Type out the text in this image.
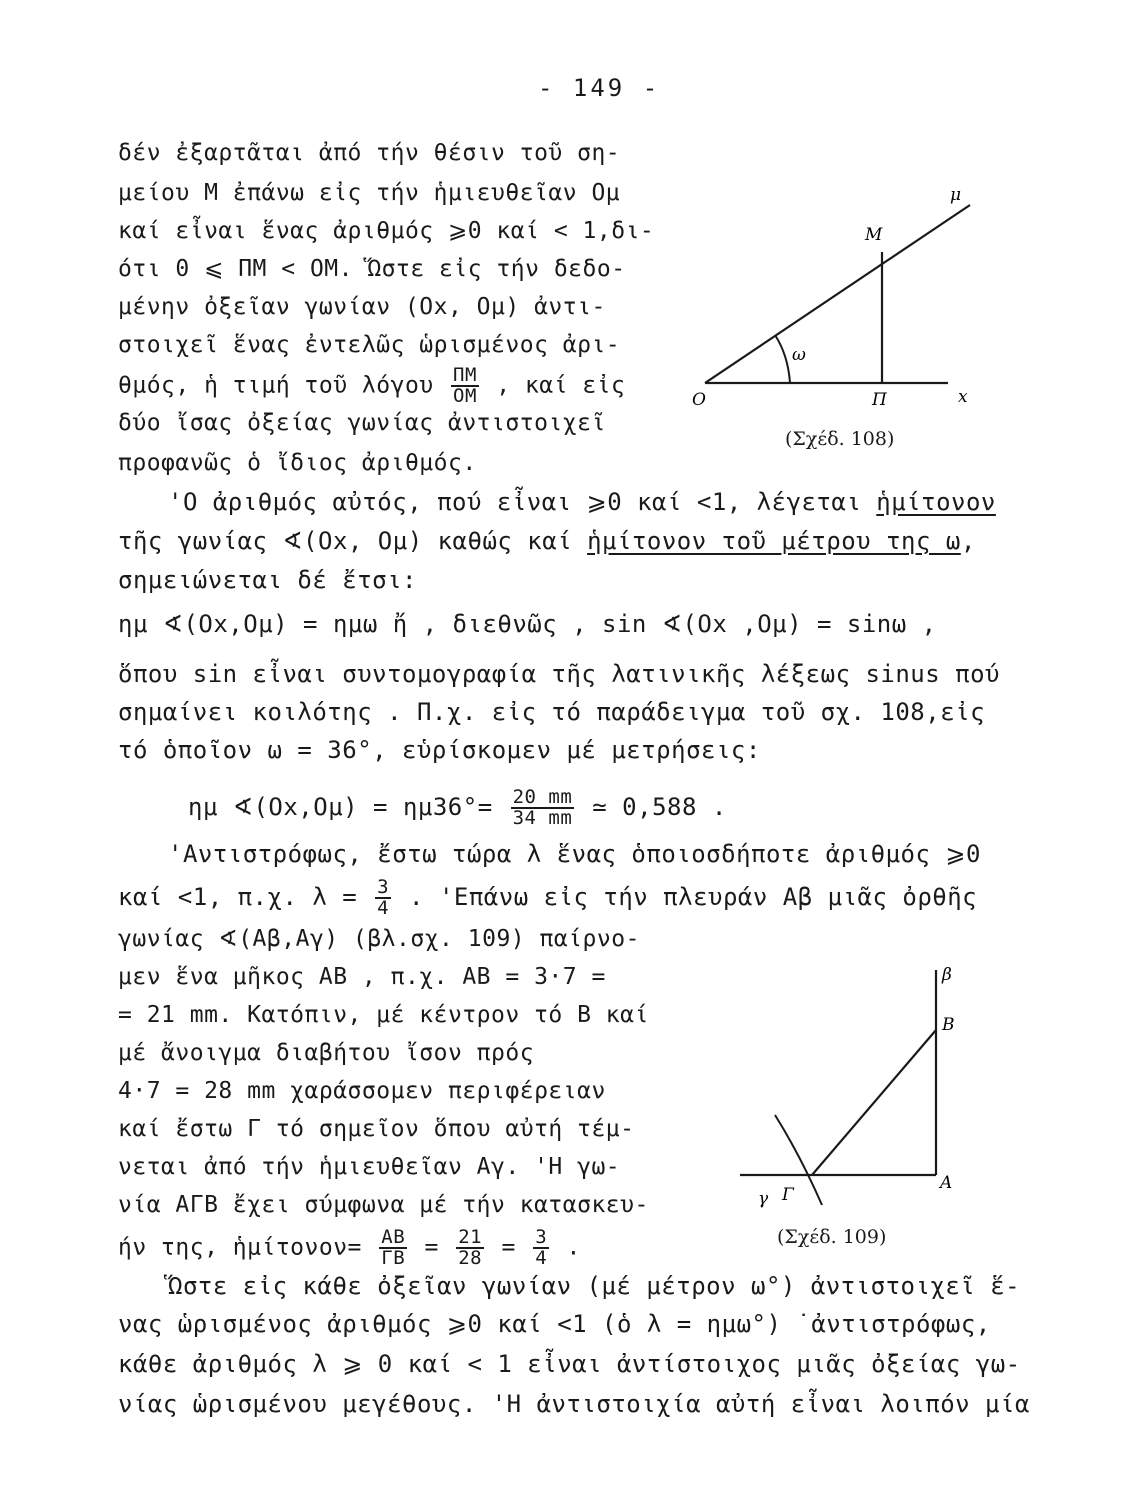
- 149 -
δέν ἐξαρτᾶται ἀπό τήν θέσιν τοῦ ση-
μείου Μ ἐπάνω εἰς τήν ἡμιευθεῖαν Ομ
καί εἶναι ἕνας ἀριθμός ⩾0 καί < 1,δι-
ότι 0 ⩽ ΠΜ < ΟΜ. Ὥστε εἰς τήν δεδο-
μένην ὀξεῖαν γωνίαν (Οx, Ομ) ἀντι-
στοιχεῖ ἕνας ἐντελῶς ὡρισμένος ἀρι-
θμός, ἡ τιμή τοῦ λόγου $\frac{\Pi M}{OM}$ , καί εἰς
δύο ἴσας ὀξείας γωνίας ἀντιστοιχεῖ
προφανῶς ὁ ἴδιος ἀριθμός.
O	Π	x
Μ
μ
ω
(Σχέδ. 108)
'Ο ἀριθμός αὐτός, πού εἶναι ⩾0 καί <1, λέγεται ἡμίτονον
τῆς γωνίας ∢(Οx, Ομ) καθώς καί ἡμίτονον τοῦ μέτρου της ω,
σημειώνεται δέ ἔτσι:
ημ ∢(Οx,Ομ) = ημω ἤ , διεθνῶς , sin ∢(Οx ,Ομ) = sinω ,
ὅπου sin εἶναι συντομογραφία τῆς λατινικῆς λέξεως sinus πού
σημαίνει κοιλότης . Π.χ. εἰς τό παράδειγμα τοῦ σχ. 108,εἰς
τό ὁποῖον ω = 36°, εὑρίσκομεν μέ μετρήσεις:
ημ ∢(Οx,Ομ) = $\eta\mu 36^\circ= \frac{20 mm}{34 mm}$ ≃ 0,588 .
'Αντιστρόφως, ἔστω τώρα λ ἕνας ὁποιοσδήποτε ἀριθμός ⩾0
καί <1, π.χ. $\lambda = \frac{3}{4}$ . 'Επάνω εἰς τήν πλευράν Αβ μιᾶς ὀρθῆς
γωνίας ∢(Αβ,Αγ) (βλ.σχ. 109) παίρνο-
μεν ἕνα μῆκος ΑΒ , π.χ. ΑΒ = 3·7 =
= 21 mm. Κατόπιν, μέ κέντρον τό Β καί
μέ ἄνοιγμα διαβήτου ἴσον πρός
4·7 = 28 mm χαράσσομεν περιφέρειαν
καί ἔστω Γ τό σημεῖον ὅπου αὐτή τέμ-
νεται ἀπό τήν ἡμιευθεῖαν Αγ. 'Η γω-
νία ΑΓΒ ἔχει σύμφωνα μέ τήν κατασκευ-
ήν της, ἡμίτονον= $\frac{AB}{\Gamma B} = \frac{21}{28} = \frac{3}{4}$ .
β
Β
Α
Γ
γ
(Σχέδ. 109)
Ὥστε εἰς κάθε ὀξεῖαν γωνίαν (μέ μέτρον ω°) ἀντιστοιχεῖ ἕ-
νας ὡρισμένος ἀριθμός ⩾0 καί <1 (ὁ λ = ημω°) ˙ἀντιστρόφως,
κάθε ἀριθμός λ ⩾ 0 καί < 1 εἶναι ἀντίστοιχος μιᾶς ὀξείας γω-
νίας ὡρισμένου μεγέθους. 'Η ἀντιστοιχία αὐτή εἶναι λοιπόν μία
